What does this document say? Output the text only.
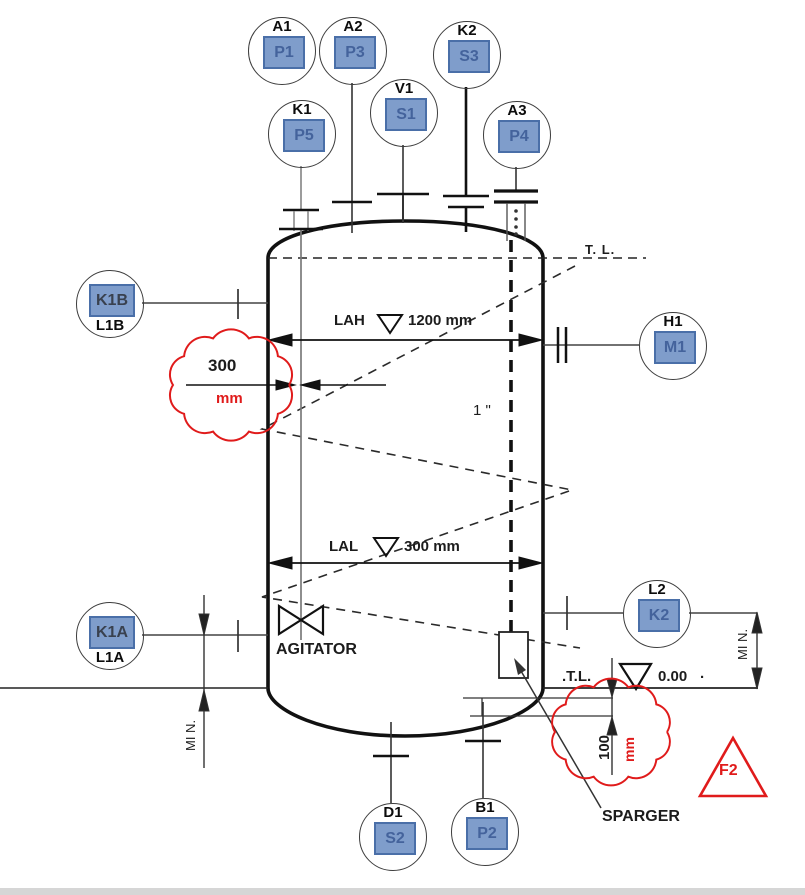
A1
P1
A2
P3
K2
S3
V1
S1
K1
P5
A3
P4
K1B
L1B	H1
M1
K1A
L1A
L2
K2
D1
S2
B1
P2
T. L.
LAH	1200 mm
LAL	300 mm
300
mm
1 "
AGITATOR
SPARGER
.T.L.	0.00 .
MI N.
MI N.
100 mm
F2
